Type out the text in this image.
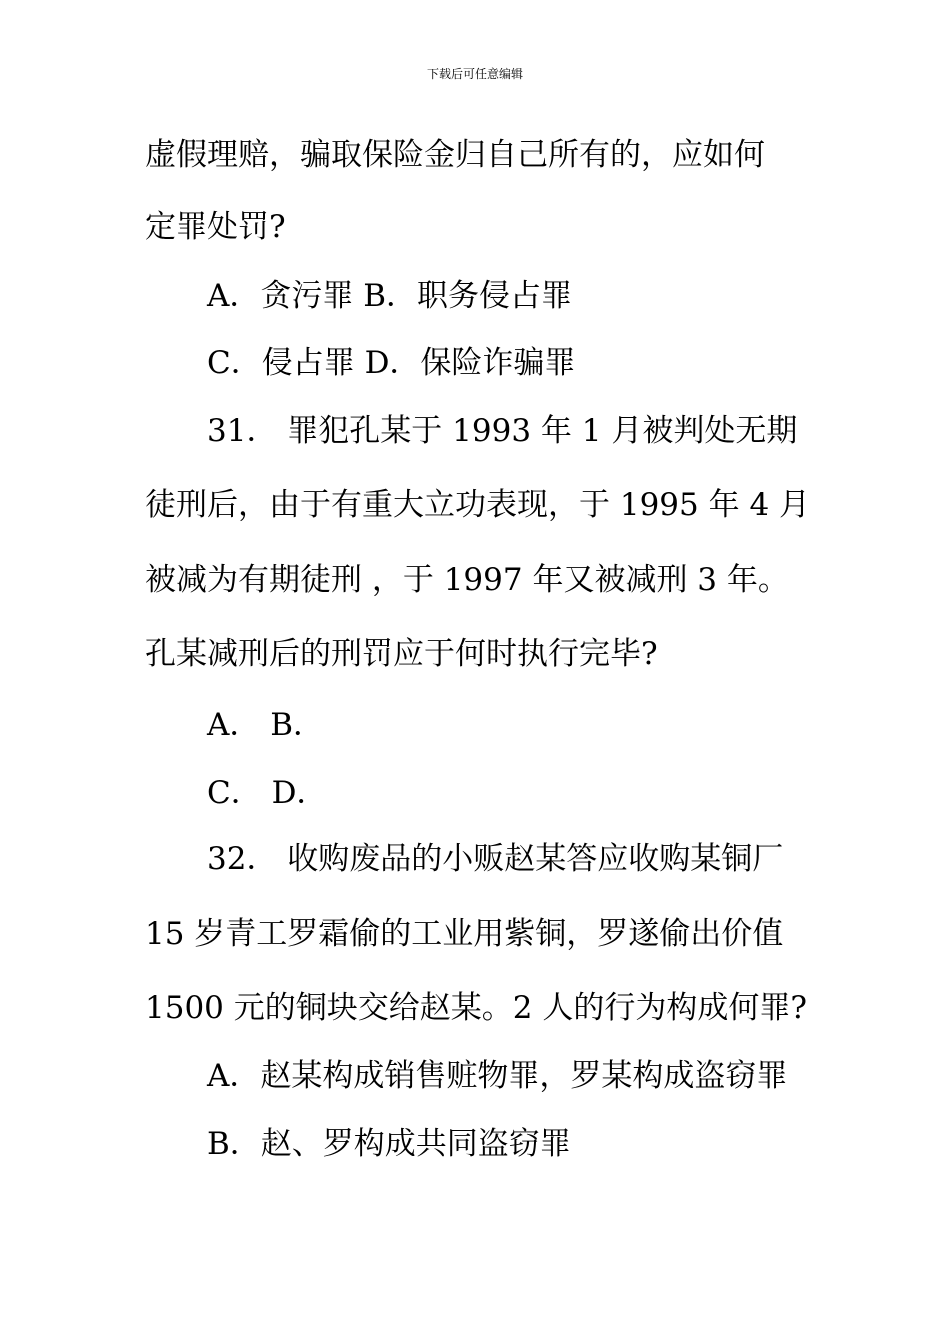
下载后可任意编辑
虚假理赔，骗取保险金归自己所有的，应如何
定罪处罚?
A．贪污罪 B．职务侵占罪
C．侵占罪 D．保险诈骗罪
31． 罪犯孔某于 1993 年 1 月被判处无期
徒刑后，由于有重大立功表现，于 1995 年 4 月
被减为有期徒刑 ，于 1997 年又被减刑 3 年。
孔某减刑后的刑罚应于何时执行完毕?
A． B．
C． D．
32． 收购废品的小贩赵某答应收购某铜厂
15 岁青工罗霜偷的工业用紫铜，罗遂偷出价值
1500 元的铜块交给赵某。2 人的行为构成何罪?
A．赵某构成销售赃物罪，罗某构成盗窃罪
B．赵、罗构成共同盗窃罪
